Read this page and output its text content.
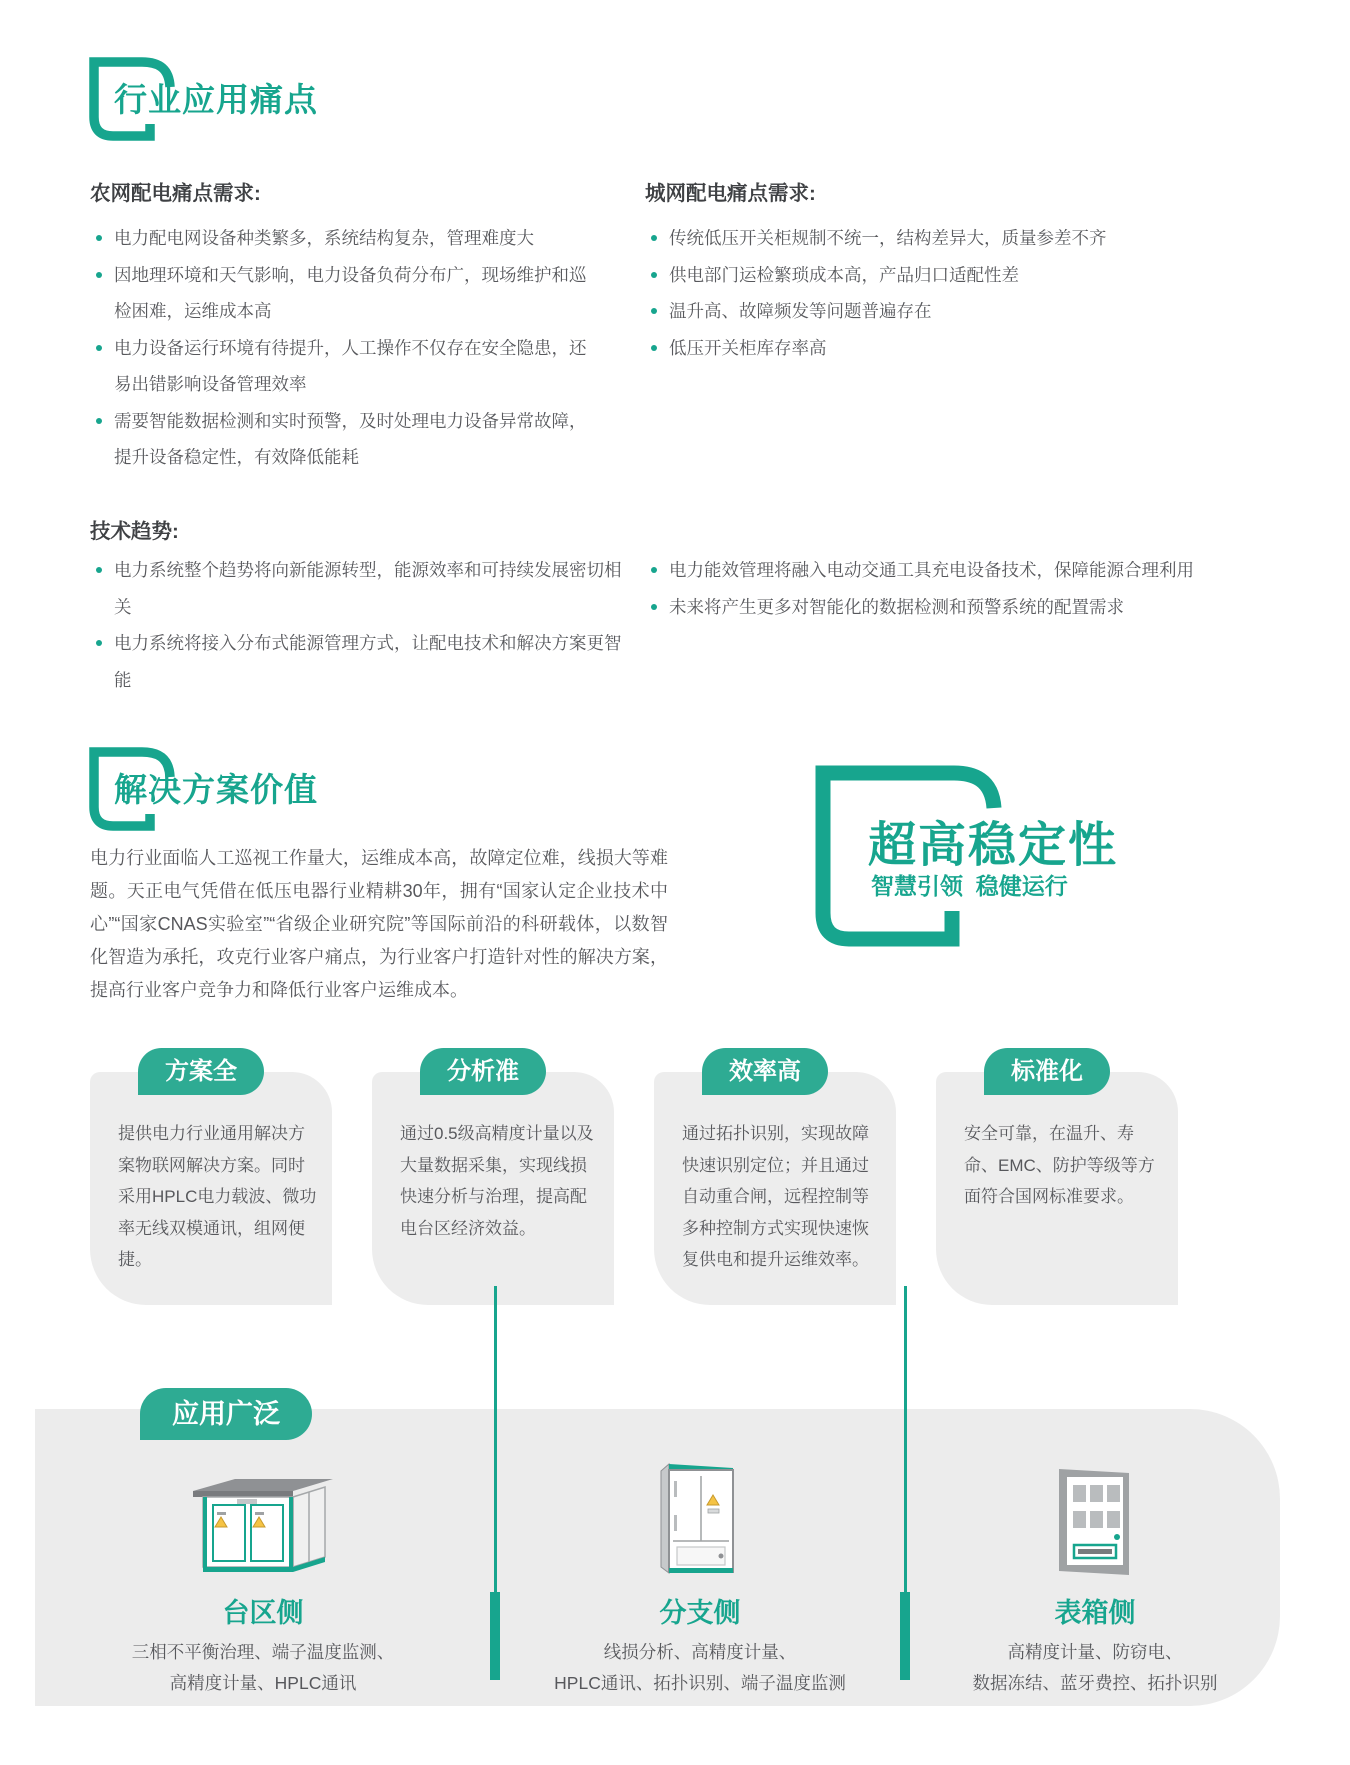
行业应用痛点
农网配电痛点需求:
电力配电网设备种类繁多，系统结构复杂，管理难度大
因地理环境和天气影响，电力设备负荷分布广，现场维护和巡检困难，运维成本高
电力设备运行环境有待提升，人工操作不仅存在安全隐患，还易出错影响设备管理效率
需要智能数据检测和实时预警，及时处理电力设备异常故障，提升设备稳定性，有效降低能耗
城网配电痛点需求:
传统低压开关柜规制不统一，结构差异大，质量参差不齐
供电部门运检繁琐成本高，产品归口适配性差
温升高、故障频发等问题普遍存在
低压开关柜库存率高
技术趋势:
电力系统整个趋势将向新能源转型，能源效率和可持续发展密切相关
电力系统将接入分布式能源管理方式，让配电技术和解决方案更智能
电力能效管理将融入电动交通工具充电设备技术，保障能源合理利用
未来将产生更多对智能化的数据检测和预警系统的配置需求
解决方案价值
电力行业面临人工巡视工作量大，运维成本高，故障定位难，线损大等难题。天正电气凭借在低压电器行业精耕30年，拥有“国家认定企业技术中心”“国家CNAS实验室”“省级企业研究院”等国际前沿的科研载体，以数智化智造为承托，攻克行业客户痛点，为行业客户打造针对性的解决方案，提高行业客户竞争力和降低行业客户运维成本。
超高稳定性
智慧引领  稳健运行
方案全
提供电力行业通用解决方案物联网解决方案。同时采用HPLC电力载波、微功率无线双模通讯，组网便捷。
分析准
通过0.5级高精度计量以及大量数据采集，实现线损快速分析与治理，提高配电台区经济效益。
效率高
通过拓扑识别，实现故障快速识别定位；并且通过自动重合闸，远程控制等多种控制方式实现快速恢复供电和提升运维效率。
标准化
安全可靠，在温升、寿命、EMC、防护等级等方面符合国网标准要求。
应用广泛
台区侧
三相不平衡治理、端子温度监测、
高精度计量、HPLC通讯
分支侧
线损分析、高精度计量、
HPLC通讯、拓扑识别、端子温度监测
表箱侧
高精度计量、防窃电、
数据冻结、蓝牙费控、拓扑识别
